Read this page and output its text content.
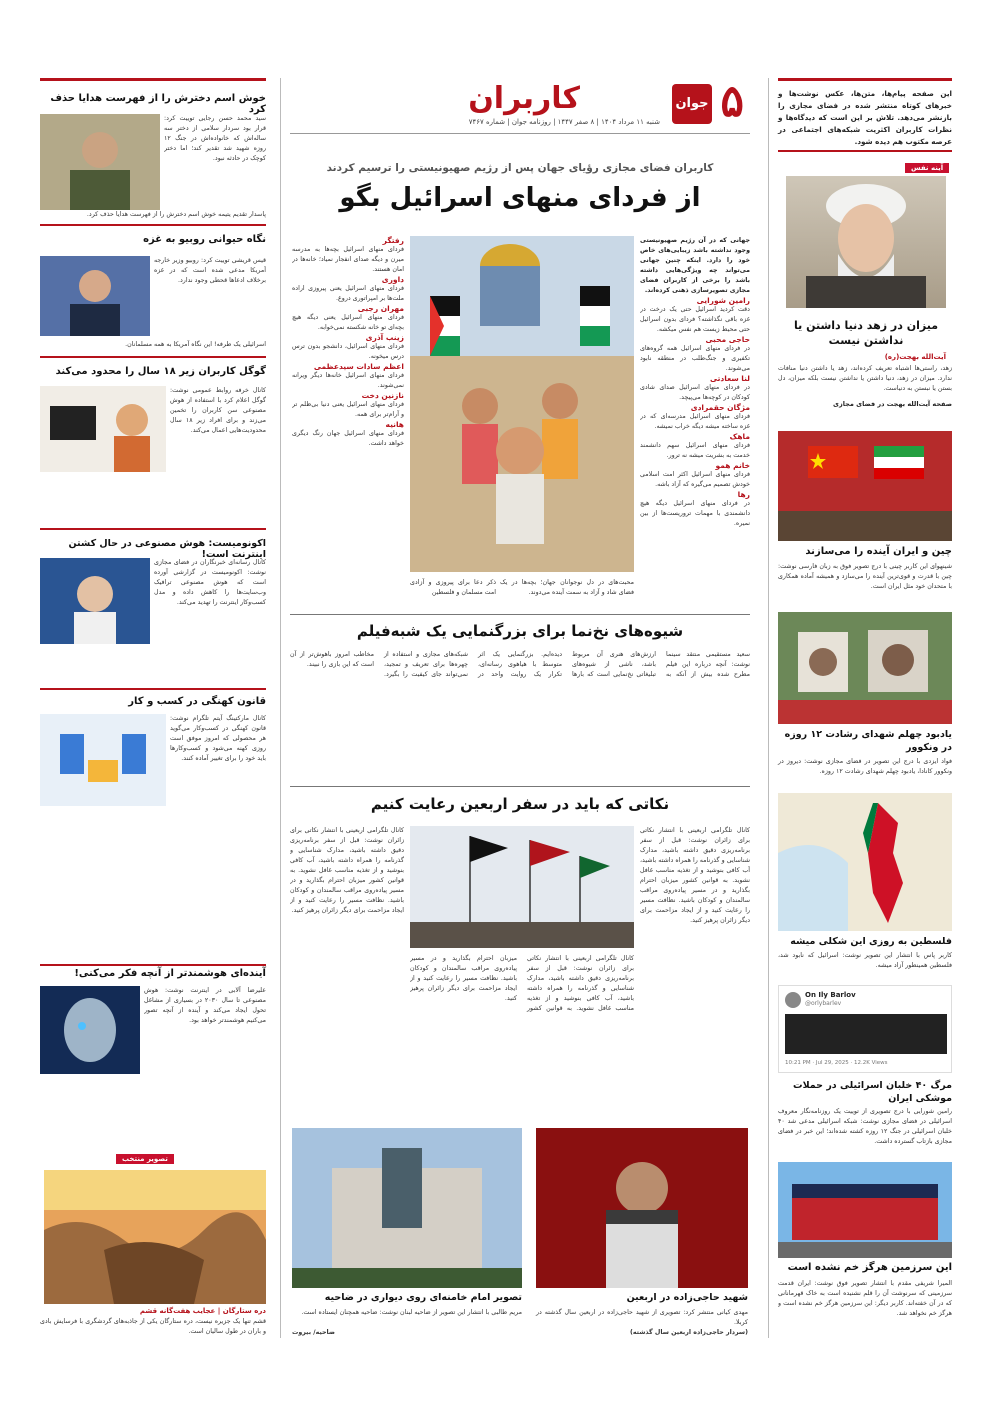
۵
جوان
کاربران
شنبه ۱۱ مرداد ۱۴۰۴ | ۸ صفر ۱۴۴۷ | روزنامه جوان | شماره ۷۴۶۷
این صفحه پیام‌ها، متن‌ها، عکس نوشت‌ها و خبرهای کوتاه منتشر شده در فضای مجازی را بازنشر می‌دهد. تلاش بر این است که دیدگاه‌ها و نظرات کاربران اکثریت شبکه‌های اجتماعی در عرصه مکتوب هم دیده شود.
آینه نفس
میزان در زهد دنیا داشتن یا نداشتن نیست
آیت‌الله بهجت(ره)
زهد، راستی‌ها اشتباه تعریف کرده‌اند، زهد یا داشتن دنیا منافات ندارد. میزان در زهد، دنیا داشتن یا نداشتن نیست بلکه میزان، دل بستن یا نبستن به دنیاست.
صفحه آیت‌الله بهجت در فضای مجازی
چین و ایران آینده را می‌سازند
شینهوای این کاربر چینی با درج تصویر فوق به زبان فارسی نوشت: چین با قدرت و قوی‌ترین آینده را می‌سازد و همیشه آماده همکاری با متحدان خود مثل ایران است.
یادبود چهلم شهدای رشادت ۱۲ روزه در ونکوور
فواد ایزدی با درج این تصویر در فضای مجازی نوشت: دیروز در ونکوور کانادا، یادبود چهلم شهدای رشادت ۱۲ روزه.
فلسطین به روزی این شکلی میشه
کاربر پاس با انتشار این تصویر نوشت: اسرائیل که نابود شد، فلسطین همینطور آزاد میشه.
On Ily Barlov
@orlybarlev
10:21 PM · Jul 29, 2025 · 12.2K Views
مرگ ۴۰ خلبان اسرائیلی در حملات موشکی ایران
رامین شورایی با درج تصویری از توییت یک روزنامه‌نگار معروف اسرائیلی در فضای مجازی نوشت: شبکه اسرائیلی مدعی شد ۴۰ خلبان اسرائیلی در جنگ ۱۲ روزه کشته شده‌اند؛ این خبر در فضای مجازی بازتاب گسترده داشت.
این سرزمین هرگز خم نشده است
المیرا شریفی مقدم با انتشار تصویر فوق نوشت: ایران قدمت سرزمینی که سرنوشت آن را قلم نشنیده است به خاک قهرمانانی که در آن خفته‌اند. کاربر دیگر: این سرزمین هرگز خم نشده است و هرگز خم نخواهد شد.
کاربران فضای مجازی رؤیای جهان پس از رژیم صهیونیستی را ترسیم کردند
از فردای منهای اسرائیل بگو
جهانی که در آن رژیم صهیونیستی وجود نداشته باشد زیبایی‌های خاص خود را دارد. اینکه چنین جهانی می‌تواند چه ویژگی‌هایی داشته باشد را برخی از کاربران فضای مجازی تصویرسازی ذهنی کرده‌اند.
رامین شورایی
دقت کردید اسرائیل حتی یک درخت در غزه باقی نگذاشته؟ فردای بدون اسرائیل حتی محیط زیست هم نفس میکشه.
حاجی محبی
در فردای منهای اسرائیل همه گروه‌های تکفیری و جنگ‌طلب در منطقه نابود می‌شوند.
لنا سعادتی
در فردای منهای اسرائیل صدای شادی کودکان در کوچه‌ها می‌پیچد.
مژگان حقمرادی
فردای منهای اسرائیل مدرسه‌ای که در غزه ساخته میشه دیگه خراب نمیشه.
ماهک
فردای منهای اسرائیل سهم دانشمند خدمت به بشریت میشه نه ترور.
خانم همو
فردای منهای اسرائیل اکثر امت اسلامی خودش تصمیم می‌گیره که آزاد باشه.
رها
در فردای منهای اسرائیل دیگه هیچ دانشمندی با مهمات تروریست‌ها از بین نمیره.
رفتگر
فردای منهای اسرائیل بچه‌ها به مدرسه میرن و دیگه صدای انفجار نمیاد؛ خانه‌ها در امان هستند.
داوری
فردای منهای اسرائیل یعنی پیروزی اراده ملت‌ها بر امپراتوری دروغ.
مهران رجبی
فردای منهای اسرائیل یعنی دیگه هیچ بچه‌ای تو خانه شکسته نمی‌خوابه.
زینب آذری
فردای منهای اسرائیل، دانشجو بدون ترس درس میخونه.
اعظم سادات سیدعظمی
فردای منهای اسرائیل خانه‌ها دیگر ویرانه نمی‌شوند.
نازنین دخت
فردای منهای اسرائیل یعنی دنیا بی‌ظلم تر و آرام‌تر برای همه.
هانیه
فردای منهای اسرائیل جهان رنگ دیگری خواهد داشت.
محبت‌های در دل نوجوانان جهان؛ بچه‌ها در یک فضای شاد و آزاد به سمت آینده می‌دوند.
ذکر دعا برای پیروزی و آزادی امت مسلمان و فلسطین
شیوه‌های نخ‌نما برای بزرگنمایی یک شبه‌فیلم
سعید مستقیمی منتقد سینما نوشت: آنچه درباره این فیلم مطرح شده بیش از آنکه به ارزش‌های هنری آن مربوط باشد، ناشی از شیوه‌های تبلیغاتی نخ‌نمایی است که بارها دیده‌ایم. بزرگنمایی یک اثر متوسط با هیاهوی رسانه‌ای، تکرار یک روایت واحد در شبکه‌های مجازی و استفاده از چهره‌ها برای تعریف و تمجید، نمی‌تواند جای کیفیت را بگیرد. مخاطب امروز باهوش‌تر از آن است که این بازی را نبیند.
نکاتی که باید در سفر اربعین رعایت کنیم
کانال تلگرامی اربعینی با انتشار نکاتی برای زائران نوشت: قبل از سفر برنامه‌ریزی دقیق داشته باشید، مدارک شناسایی و گذرنامه را همراه داشته باشید، آب کافی بنوشید و از تغذیه مناسب غافل نشوید. به قوانین کشور میزبان احترام بگذارید و در مسیر پیاده‌روی مراقب سالمندان و کودکان باشید. نظافت مسیر را رعایت کنید و از ایجاد مزاحمت برای دیگر زائران پرهیز کنید.
کانال تلگرامی اربعینی با انتشار نکاتی برای زائران نوشت: قبل از سفر برنامه‌ریزی دقیق داشته باشید، مدارک شناسایی و گذرنامه را همراه داشته باشید، آب کافی بنوشید و از تغذیه مناسب غافل نشوید. به قوانین کشور میزبان احترام بگذارید و در مسیر پیاده‌روی مراقب سالمندان و کودکان باشید. نظافت مسیر را رعایت کنید و از ایجاد مزاحمت برای دیگر زائران پرهیز کنید.
کانال تلگرامی اربعینی با انتشار نکاتی برای زائران نوشت: قبل از سفر برنامه‌ریزی دقیق داشته باشید، مدارک شناسایی و گذرنامه را همراه داشته باشید، آب کافی بنوشید و از تغذیه مناسب غافل نشوید. به قوانین کشور میزبان احترام بگذارید و در مسیر پیاده‌روی مراقب سالمندان و کودکان باشید. نظافت مسیر را رعایت کنید و از ایجاد مزاحمت برای دیگر زائران پرهیز کنید.
تصویر امام خامنه‌ای روی دیواری در ضاحیه
مریم طالبی با انتشار این تصویر از ضاحیه لبنان نوشت: ضاحیه همچنان ایستاده است.
ضاحیه/ بیروت
شهید حاجی‌زاده در اربعین
مهدی کیانی منتشر کرد: تصویری از شهید حاجی‌زاده در اربعین سال گذشته در کربلا.
(سردار حاجی‌زاده اربعین سال گذشته)
خوش اسم دخترش را از فهرست هدایا حذف کرد
سید محمد حسن رجایی توییت کرد: قرار بود سردار سلامی از دختر سه ساله‌اش که خانواده‌اش در جنگ ۱۲ روزه شهید شد تقدیر کند؛ اما دختر کوچک در حادثه نبود.
پاسدار تقدیم یتیمه خوش اسم دخترش را از فهرست هدایا حذف کرد.
نگاه حیوانی روبیو به غزه
قیس قریشی توییت کرد: روبیو وزیر خارجه آمریکا مدعی شده است که در غزه برخلاف ادعاها قحطی وجود ندارد.
اسرائیلی یک طرفه! این نگاه آمریکا به همه مسلمانان.
گوگل کاربران زیر ۱۸ سال را محدود می‌کند
کانال خرفه روابط عمومی نوشت: گوگل اعلام کرد با استفاده از هوش مصنوعی سن کاربران را تخمین می‌زند و برای افراد زیر ۱۸ سال محدودیت‌هایی اعمال می‌کند.
اکونومیست: هوش مصنوعی در حال کشتن اینترنت است!
کانال رسانه‌ای خبرنگاران در فضای مجازی نوشت: اکونومیست در گزارشی آورده است که هوش مصنوعی ترافیک وب‌سایت‌ها را کاهش داده و مدل کسب‌وکار اینترنت را تهدید می‌کند.
قانون کهنگی در کسب و کار
کانال مارکتینگ آیتم تلگرام نوشت: قانون کهنگی در کسب‌وکار می‌گوید هر محصولی که امروز موفق است روزی کهنه می‌شود و کسب‌وکارها باید خود را برای تغییر آماده کنند.
آینده‌ای هوشمندتر از آنچه فکر می‌کنی!
علیرضا آلابی در اینترنت نوشت: هوش مصنوعی تا سال ۲۰۳۰ در بسیاری از مشاغل تحول ایجاد می‌کند و آینده از آنچه تصور می‌کنیم هوشمندتر خواهد بود.
تصویر منتخب
دره ستارگان | عجایب هفت‌گانه قشم
قشم تنها یک جزیره نیست، دره ستارگان یکی از جاذبه‌های گردشگری با فرسایش بادی و باران در طول سالیان است.
